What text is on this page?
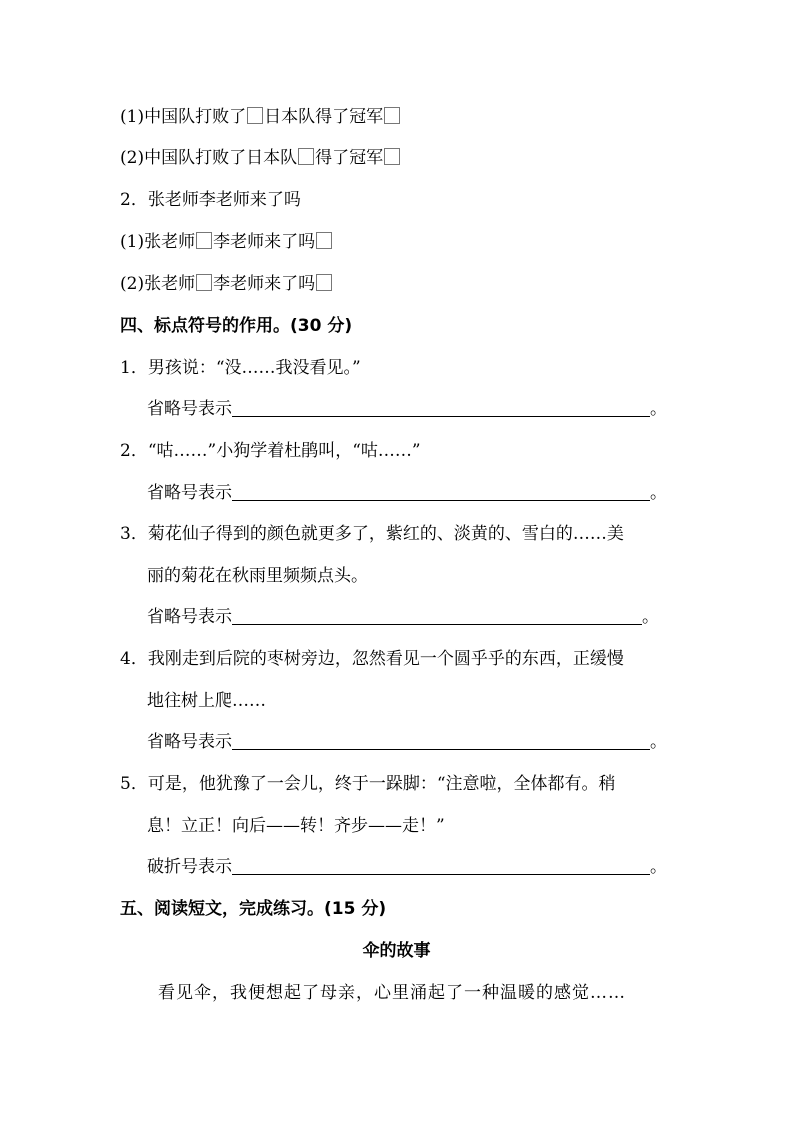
(1)中国队打败了 日本队得了冠军
(2)中国队打败了日本队 得了冠军
2．张老师李老师来了吗
(1)张老师 李老师来了吗
(2)张老师 李老师来了吗
四、标点符号的作用。(30 分)
1．男孩说：“没……我没看见。”
省略号表示	。
2．“咕……”小狗学着杜鹃叫，“咕……”
省略号表示	。
3．菊花仙子得到的颜色就更多了，紫红的、淡黄的、雪白的……美
丽的菊花在秋雨里频频点头。
省略号表示	。
4．我刚走到后院的枣树旁边，忽然看见一个圆乎乎的东西，正缓慢
地往树上爬……
省略号表示	。
5．可是，他犹豫了一会儿，终于一跺脚：“注意啦，全体都有。稍
息！立正！向后——转！齐步——走！”
破折号表示	。
五、阅读短文，完成练习。(15 分)
伞的故事
看见伞，我便想起了母亲，心里涌起了一种温暖的感觉……
